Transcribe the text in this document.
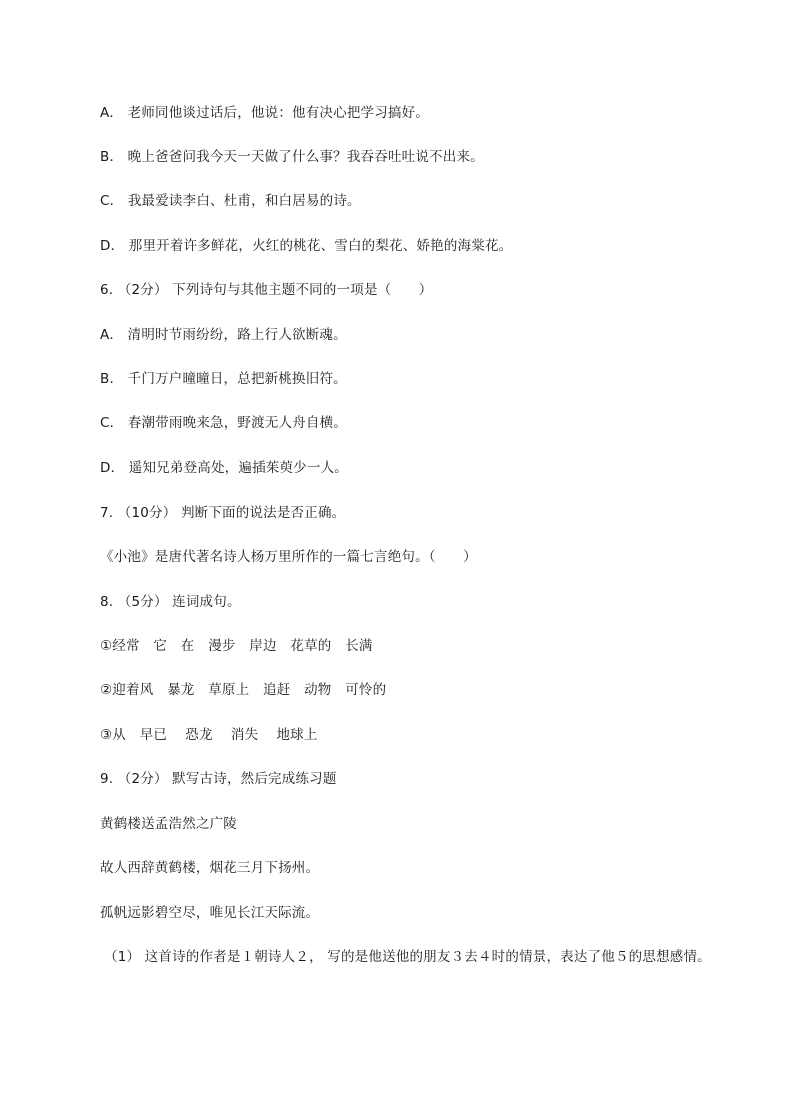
A． 老师同他谈过话后，他说：他有决心把学习搞好。
B． 晚上爸爸问我今天一天做了什么事？我吞吞吐吐说不出来。
C． 我最爱读李白、杜甫，和白居易的诗。
D． 那里开着许多鲜花，火红的桃花、雪白的梨花、娇艳的海棠花。
6. （2分） 下列诗句与其他主题不同的一项是（　　）
A． 清明时节雨纷纷，路上行人欲断魂。
B． 千门万户曈曈日，总把新桃换旧符。
C． 春潮带雨晚来急，野渡无人舟自横。
D． 遥知兄弟登高处，遍插茱萸少一人。
7. （10分） 判断下面的说法是否正确。
《小池》是唐代著名诗人杨万里所作的一篇七言绝句。（　　）
8. （5分） 连词成句。
①经常　它　在　漫步　岸边　花草的　长满
②迎着风　暴龙　草原上　追赶　动物　可怜的
③从　早已　 恐龙　 消失　 地球上
9. （2分） 默写古诗，然后完成练习题
黄鹤楼送孟浩然之广陵
故人西辞黄鹤楼，烟花三月下扬州。
孤帆远影碧空尽，唯见长江天际流。
（1） 这首诗的作者是１朝诗人２， 写的是他送他的朋友３去４时的情景，表达了他５的思想感情。
